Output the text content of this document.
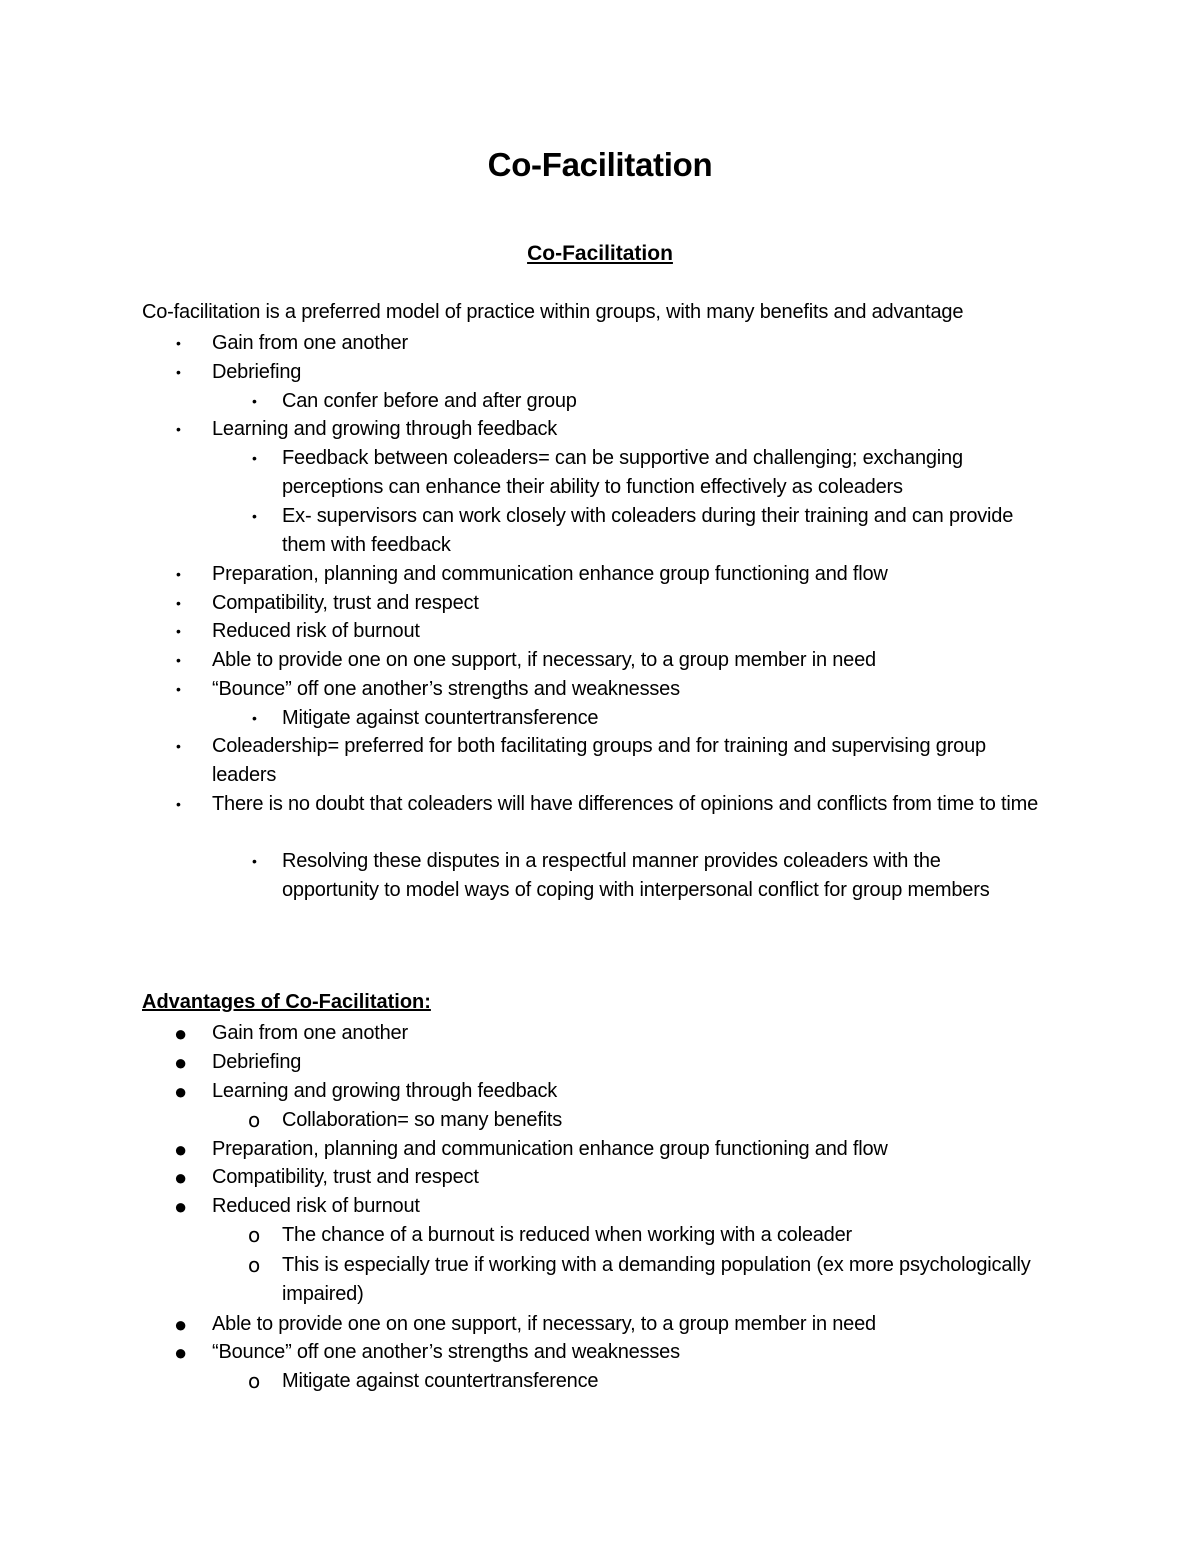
Co-Facilitation
Co-Facilitation
Co-facilitation is a preferred model of practice within groups, with many benefits and advantage
•	Gain from one another
•	Debriefing
•	Can confer before and after group
•	Learning and growing through feedback
•	Feedback between coleaders= can be supportive and challenging; exchanging perceptions can enhance their ability to function effectively as coleaders
•	Ex- supervisors can work closely with coleaders during their training and can provide them with feedback
•	Preparation, planning and communication enhance group functioning and flow
•	Compatibility, trust and respect
•	Reduced risk of burnout
•	Able to provide one on one support, if necessary, to a group member in need
•	“Bounce” off one another’s strengths and weaknesses
•	Mitigate against countertransference
•	Coleadership= preferred for both facilitating groups and for training and supervising group leaders
•	There is no doubt that coleaders will have differences of opinions and conflicts from time to time
•	Resolving these disputes in a respectful manner provides coleaders with the opportunity to model ways of coping with interpersonal conflict for group members
Advantages of Co-Facilitation:
●	Gain from one another
●	Debriefing
●	Learning and growing through feedback
o	Collaboration= so many benefits
●	Preparation, planning and communication enhance group functioning and flow
●	Compatibility, trust and respect
●	Reduced risk of burnout
o	The chance of a burnout is reduced when working with a coleader
o	This is especially true if working with a demanding population (ex more psychologically impaired)
●	Able to provide one on one support, if necessary, to a group member in need
●	“Bounce” off one another’s strengths and weaknesses
o	Mitigate against countertransference
